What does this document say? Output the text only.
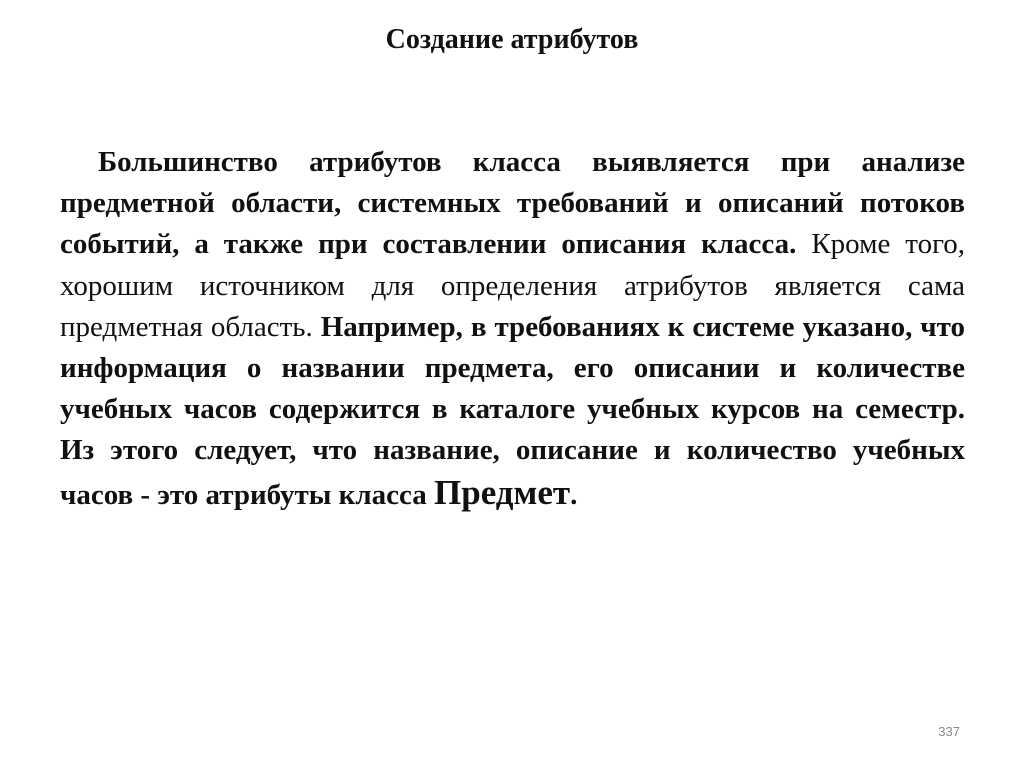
Создание атрибутов
Большинство атрибутов класса выявляется при анализе предметной области, системных требований и описаний потоков событий, а также при составлении описания класса. Кроме того, хорошим источником для определения атрибутов является сама предметная область. Например, в требованиях к системе указано, что информация о названии предмета, его описании и количестве учебных часов содержится в каталоге учебных курсов на семестр. Из этого следует, что название, описание и количество учебных часов - это атрибуты класса Предмет.
337
